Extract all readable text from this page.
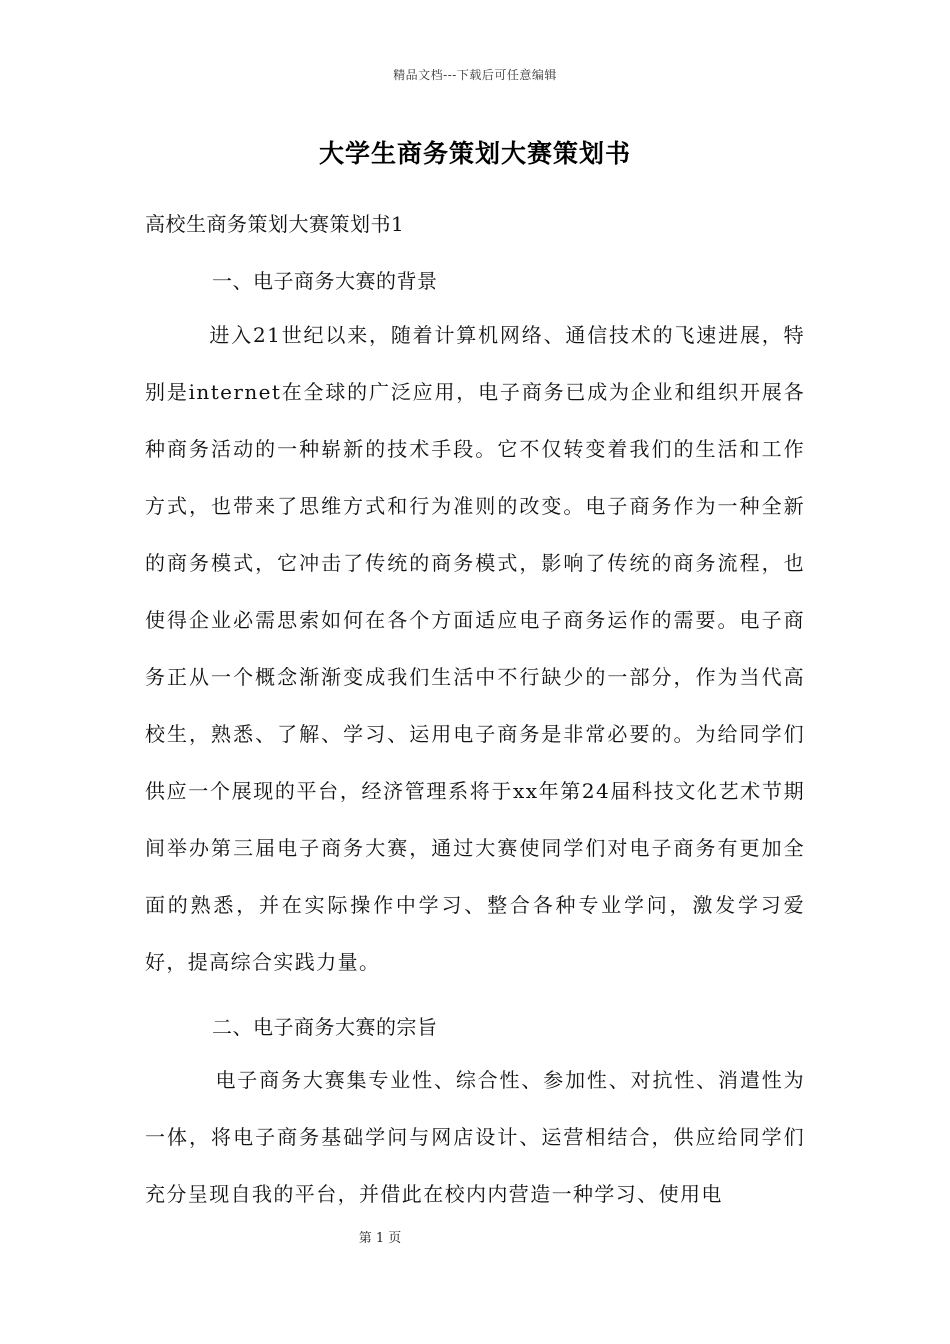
精品文档---下载后可任意编辑
大学生商务策划大赛策划书
高校生商务策划大赛策划书1
一、电子商务大赛的背景
进入21世纪以来，随着计算机网络、通信技术的飞速进展，特别是internet在全球的广泛应用，电子商务已成为企业和组织开展各种商务活动的一种崭新的技术手段。它不仅转变着我们的生活和工作方式，也带来了思维方式和行为准则的改变。电子商务作为一种全新的商务模式，它冲击了传统的商务模式，影响了传统的商务流程，也使得企业必需思索如何在各个方面适应电子商务运作的需要。电子商务正从一个概念渐渐变成我们生活中不行缺少的一部分，作为当代高校生，熟悉、了解、学习、运用电子商务是非常必要的。为给同学们供应一个展现的平台，经济管理系将于xx年第24届科技文化艺术节期间举办第三届电子商务大赛，通过大赛使同学们对电子商务有更加全面的熟悉，并在实际操作中学习、整合各种专业学问，激发学习爱好，提高综合实践力量。
二、电子商务大赛的宗旨
电子商务大赛集专业性、综合性、参加性、对抗性、消遣性为一体，将电子商务基础学问与网店设计、运营相结合，供应给同学们充分呈现自我的平台，并借此在校内内营造一种学习、使用电
第 1 页
